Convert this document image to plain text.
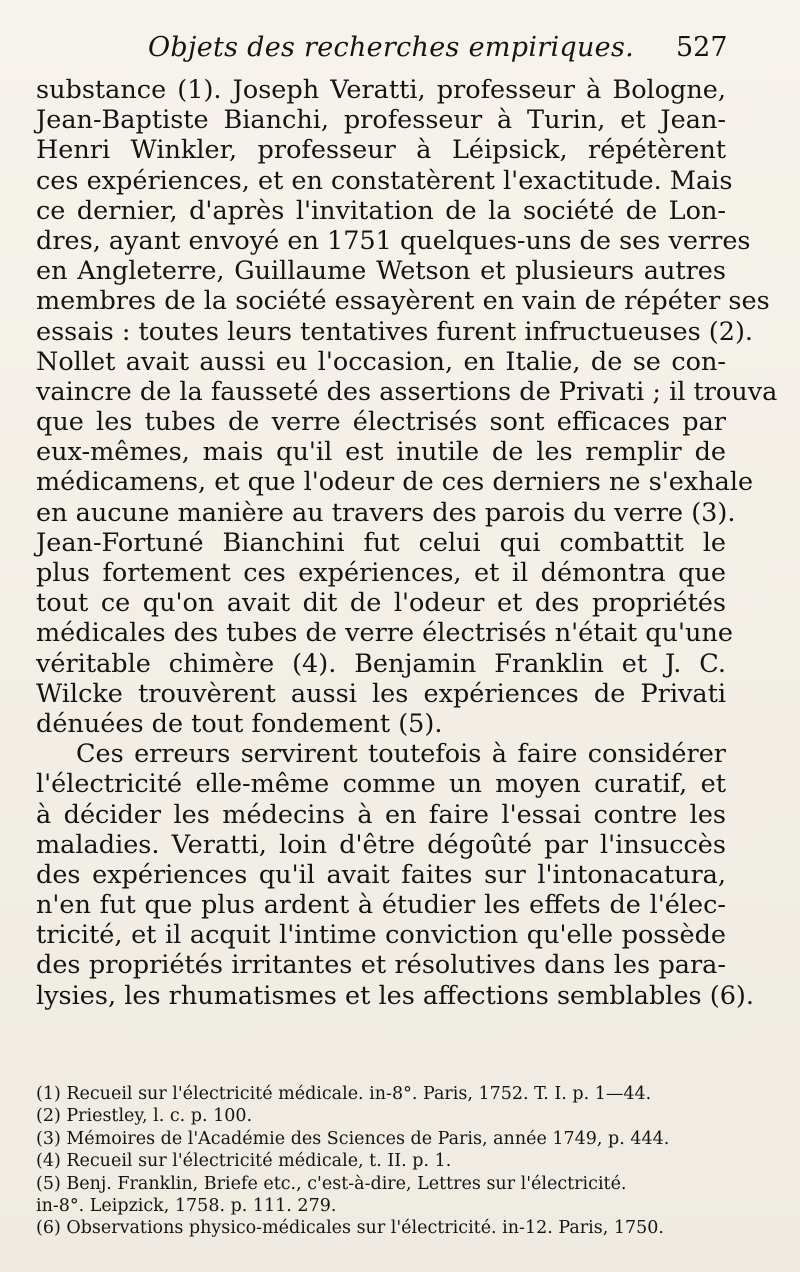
Objets des recherches empiriques. 527
substance (1). Joseph Veratti, professeur à Bologne,
Jean-Baptiste Bianchi, professeur à Turin, et Jean-
Henri Winkler, professeur à Léipsick, répétèrent
ces expériences, et en constatèrent l'exactitude. Mais
ce dernier, d'après l'invitation de la société de Lon-
dres, ayant envoyé en 1751 quelques-uns de ses verres
en Angleterre, Guillaume Wetson et plusieurs autres
membres de la société essayèrent en vain de répéter ses
essais : toutes leurs tentatives furent infructueuses (2).
Nollet avait aussi eu l'occasion, en Italie, de se con-
vaincre de la fausseté des assertions de Privati ; il trouva
que les tubes de verre électrisés sont efficaces par
eux-mêmes, mais qu'il est inutile de les remplir de
médicamens, et que l'odeur de ces derniers ne s'exhale
en aucune manière au travers des parois du verre (3).
Jean-Fortuné Bianchini fut celui qui combattit le
plus fortement ces expériences, et il démontra que
tout ce qu'on avait dit de l'odeur et des propriétés
médicales des tubes de verre électrisés n'était qu'une
véritable chimère (4). Benjamin Franklin et J. C.
Wilcke trouvèrent aussi les expériences de Privati
dénuées de tout fondement (5).
Ces erreurs servirent toutefois à faire considérer
l'électricité elle-même comme un moyen curatif, et
à décider les médecins à en faire l'essai contre les
maladies. Veratti, loin d'être dégoûté par l'insuccès
des expériences qu'il avait faites sur l'intonacatura,
n'en fut que plus ardent à étudier les effets de l'élec-
tricité, et il acquit l'intime conviction qu'elle possède
des propriétés irritantes et résolutives dans les para-
lysies, les rhumatismes et les affections semblables (6).
(1) Recueil sur l'électricité médicale. in-8°. Paris, 1752. T. I. p. 1—44.
(2) Priestley, l. c. p. 100.
(3) Mémoires de l'Académie des Sciences de Paris, année 1749, p. 444.
(4) Recueil sur l'électricité médicale, t. II. p. 1.
(5) Benj. Franklin, Briefe etc., c'est-à-dire, Lettres sur l'électricité.
in-8°. Leipzick, 1758. p. 111. 279.
(6) Observations physico-médicales sur l'électricité. in-12. Paris, 1750.
